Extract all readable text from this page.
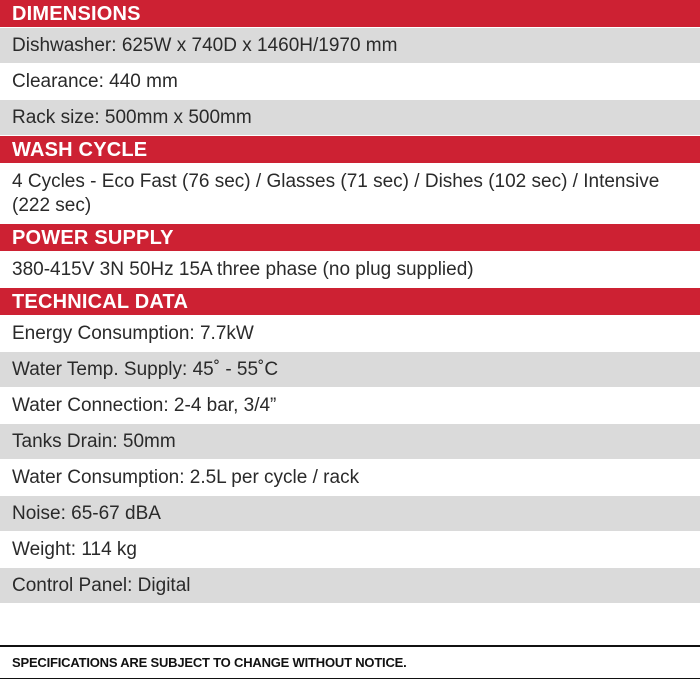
DIMENSIONS
Dishwasher: 625W x 740D x 1460H/1970 mm
Clearance: 440 mm
Rack size: 500mm x 500mm
WASH CYCLE
4 Cycles - Eco Fast (76 sec) / Glasses (71 sec) / Dishes (102 sec) / Intensive (222 sec)
POWER SUPPLY
380-415V 3N 50Hz 15A three phase (no plug supplied)
TECHNICAL DATA
Energy Consumption: 7.7kW
Water Temp. Supply: 45˚ - 55˚C
Water Connection: 2-4 bar, 3/4”
Tanks Drain: 50mm
Water Consumption: 2.5L per cycle / rack
Noise: 65-67 dBA
Weight: 114 kg
Control Panel: Digital
SPECIFICATIONS ARE SUBJECT TO CHANGE WITHOUT NOTICE.
